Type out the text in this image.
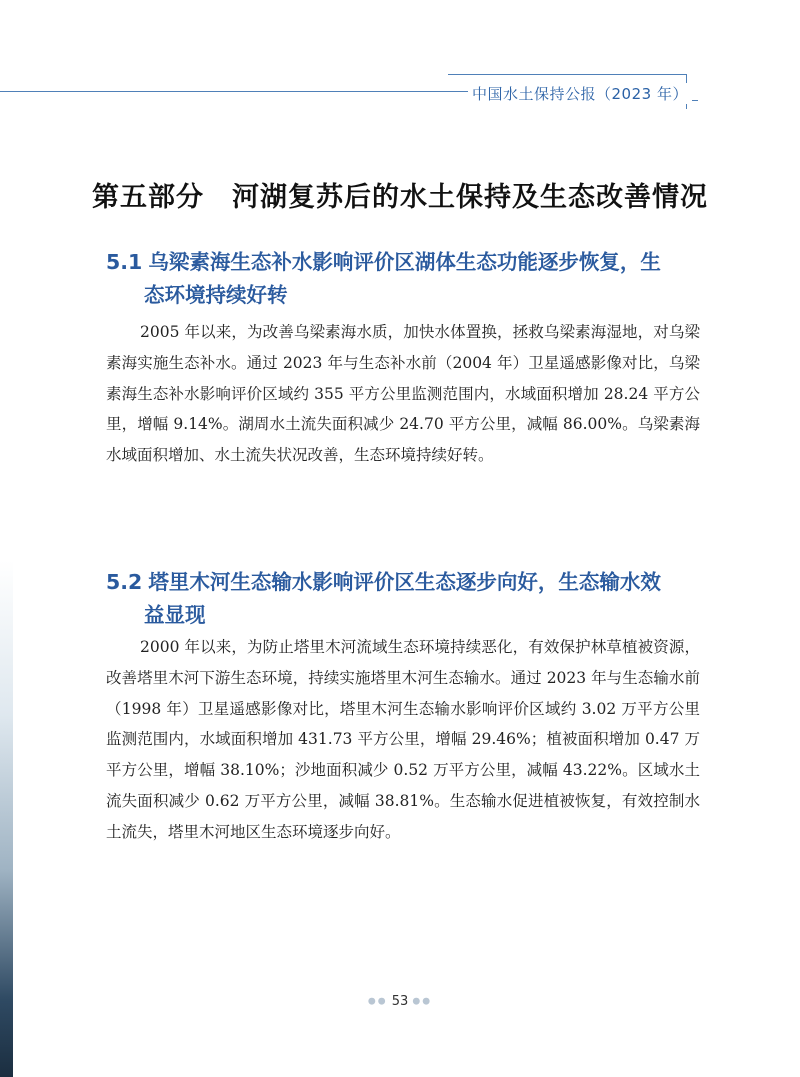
中国水土保持公报（2023 年）
第五部分　河湖复苏后的水土保持及生态改善情况
5.1 乌梁素海生态补水影响评价区湖体生态功能逐步恢复，生
态环境持续好转

2005 年以来，为改善乌梁素海水质，加快水体置换，拯救乌梁素海湿地，对乌梁素海实施生态补水。通过 2023 年与生态补水前（2004 年）卫星遥感影像对比，乌梁素海生态补水影响评价区域约 355 平方公里监测范围内，水域面积增加 28.24 平方公里，增幅 9.14%。湖周水土流失面积减少 24.70 平方公里，减幅 86.00%。乌梁素海水域面积增加、水土流失状况改善，生态环境持续好转。

5.2 塔里木河生态输水影响评价区生态逐步向好，生态输水效
益显现

2000 年以来，为防止塔里木河流域生态环境持续恶化，有效保护林草植被资源，改善塔里木河下游生态环境，持续实施塔里木河生态输水。通过 2023 年与生态输水前（1998 年）卫星遥感影像对比，塔里木河生态输水影响评价区域约 3.02 万平方公里监测范围内，水域面积增加 431.73 平方公里，增幅 29.46%；植被面积增加 0.47 万平方公里，增幅 38.10%；沙地面积减少 0.52 万平方公里，减幅 43.22%。区域水土流失面积减少 0.62 万平方公里，减幅 38.81%。生态输水促进植被恢复，有效控制水土流失，塔里木河地区生态环境逐步向好。

●● 53 ●●
